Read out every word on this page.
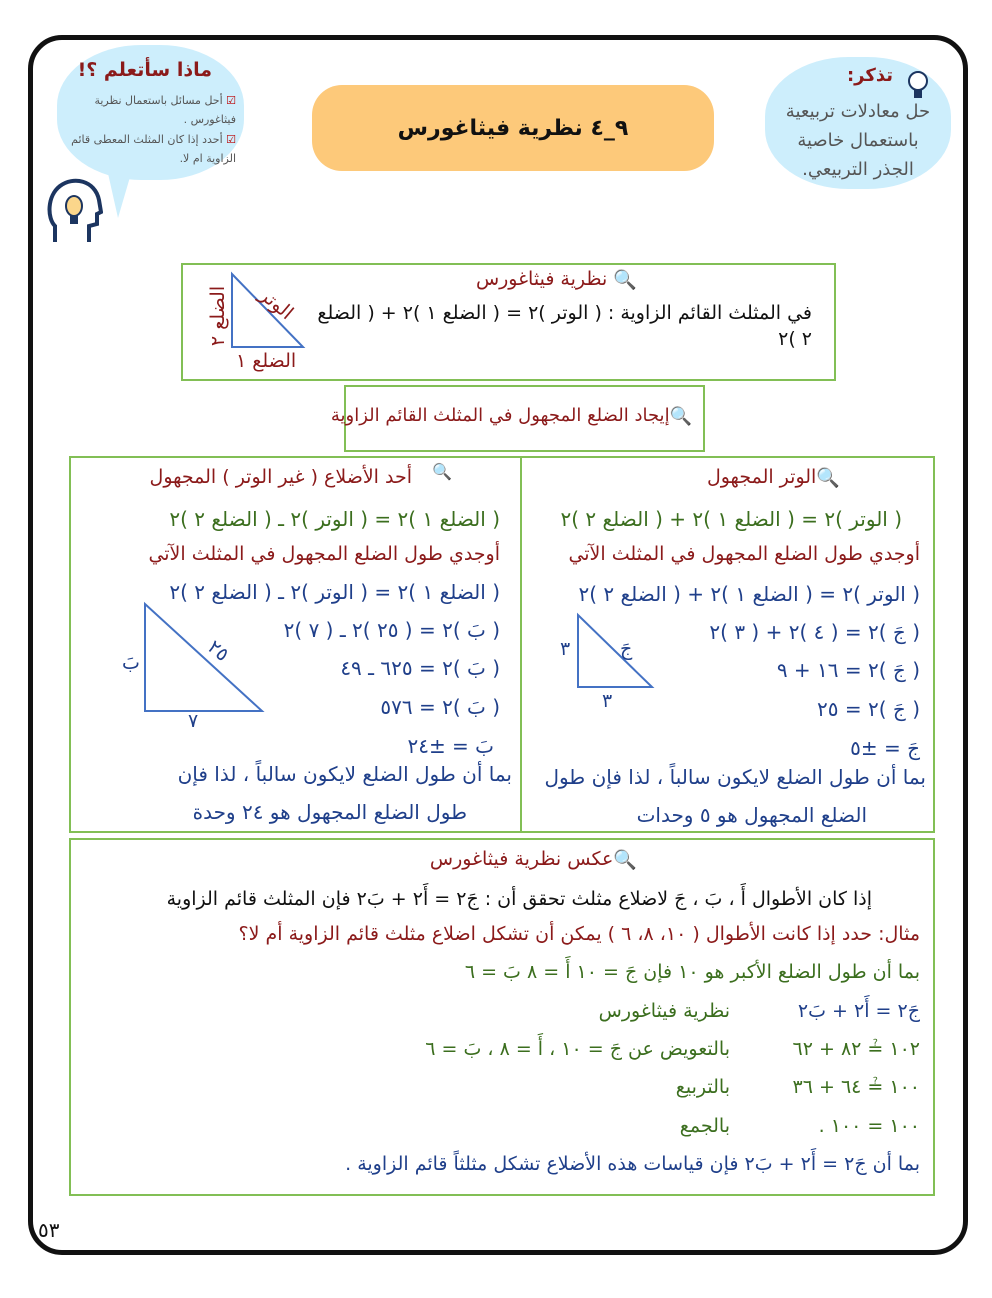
ماذا سأتعلم ؟!
☑ أحل مسائل باستعمال نظرية فيثاغورس .
☑ أحدد إذا كان المثلث المعطى قائم الزاوية ام لا.
٩_٤ نظرية فيثاغورس
تذكر:
حل معادلات تربيعية
باستعمال خاصية
الجذر التربيعي.
🔍 نظرية فيثاغورس
في المثلث القائم الزاوية : ( الوتر )٢ = ( الضلع ١ )٢ + ( الضلع ٢ )٢
الوتر
الضلع ١
الضلع ٢
🔍إيجاد الضلع المجهول في المثلث القائم الزاوية
🔍الوتر المجهول
( الوتر )٢ = ( الضلع ١ )٢ + ( الضلع ٢ )٢
أوجدي طول الضلع المجهول في المثلث الآتي
( الوتر )٢ = ( الضلع ١ )٢ + ( الضلع ٢ )٢
( جَ )٢ = ( ٤ )٢ + ( ٣ )٢
( جَ )٢ = ١٦ + ٩
( جَ )٢ = ٢٥
جَ = ±٥
بما أن طول الضلع لايكون سالباً ، لذا فإن طول
الضلع المجهول هو ٥ وحدات
٣	جَ
٣
أحد الأضلاع ( غير الوتر ) المجهول 🔍
( الضلع ١ )٢ = ( الوتر )٢ ـ ( الضلع ٢ )٢
أوجدي طول الضلع المجهول في المثلث الآتي
( الضلع ١ )٢ = ( الوتر )٢ ـ ( الضلع ٢ )٢
( بَ )٢ = ( ٢٥ )٢ ـ ( ٧ )٢
( بَ )٢ = ٦٢٥ ـ ٤٩
( بَ )٢ = ٥٧٦
بَ = ±٢٤
بما أن طول الضلع لايكون سالباً ، لذا فإن
طول الضلع المجهول هو ٢٤ وحدة
بَ	٢٥
٧
🔍عكس نظرية فيثاغورس
إذا كان الأطوال أَ ، بَ ، جَ لاضلاع مثلث تحقق أن : جَ٢ = أَ٢ + بَ٢ فإن المثلث قائم الزاوية
مثال: حدد إذا كانت الأطوال ( ١٠، ٨، ٦ ) يمكن أن تشكل اضلاع مثلث قائم الزاوية أم لا؟
بما أن طول الضلع الأكبر هو ١٠ فإن جَ = ١٠ أَ = ٨ بَ = ٦
جَ٢ = أَ٢ + بَ٢
نظرية فيثاغورس
١٠٢ ≟ ٨٢ + ٦٢
بالتعويض عن جَ = ١٠ ، أَ = ٨ ، بَ = ٦
١٠٠ ≟ ٦٤ + ٣٦
بالتربيع
١٠٠ = ١٠٠ .
بالجمع
بما أن جَ٢ = أَ٢ + بَ٢ فإن قياسات هذه الأضلاع تشكل مثلثاً قائم الزاوية .
٥٣
